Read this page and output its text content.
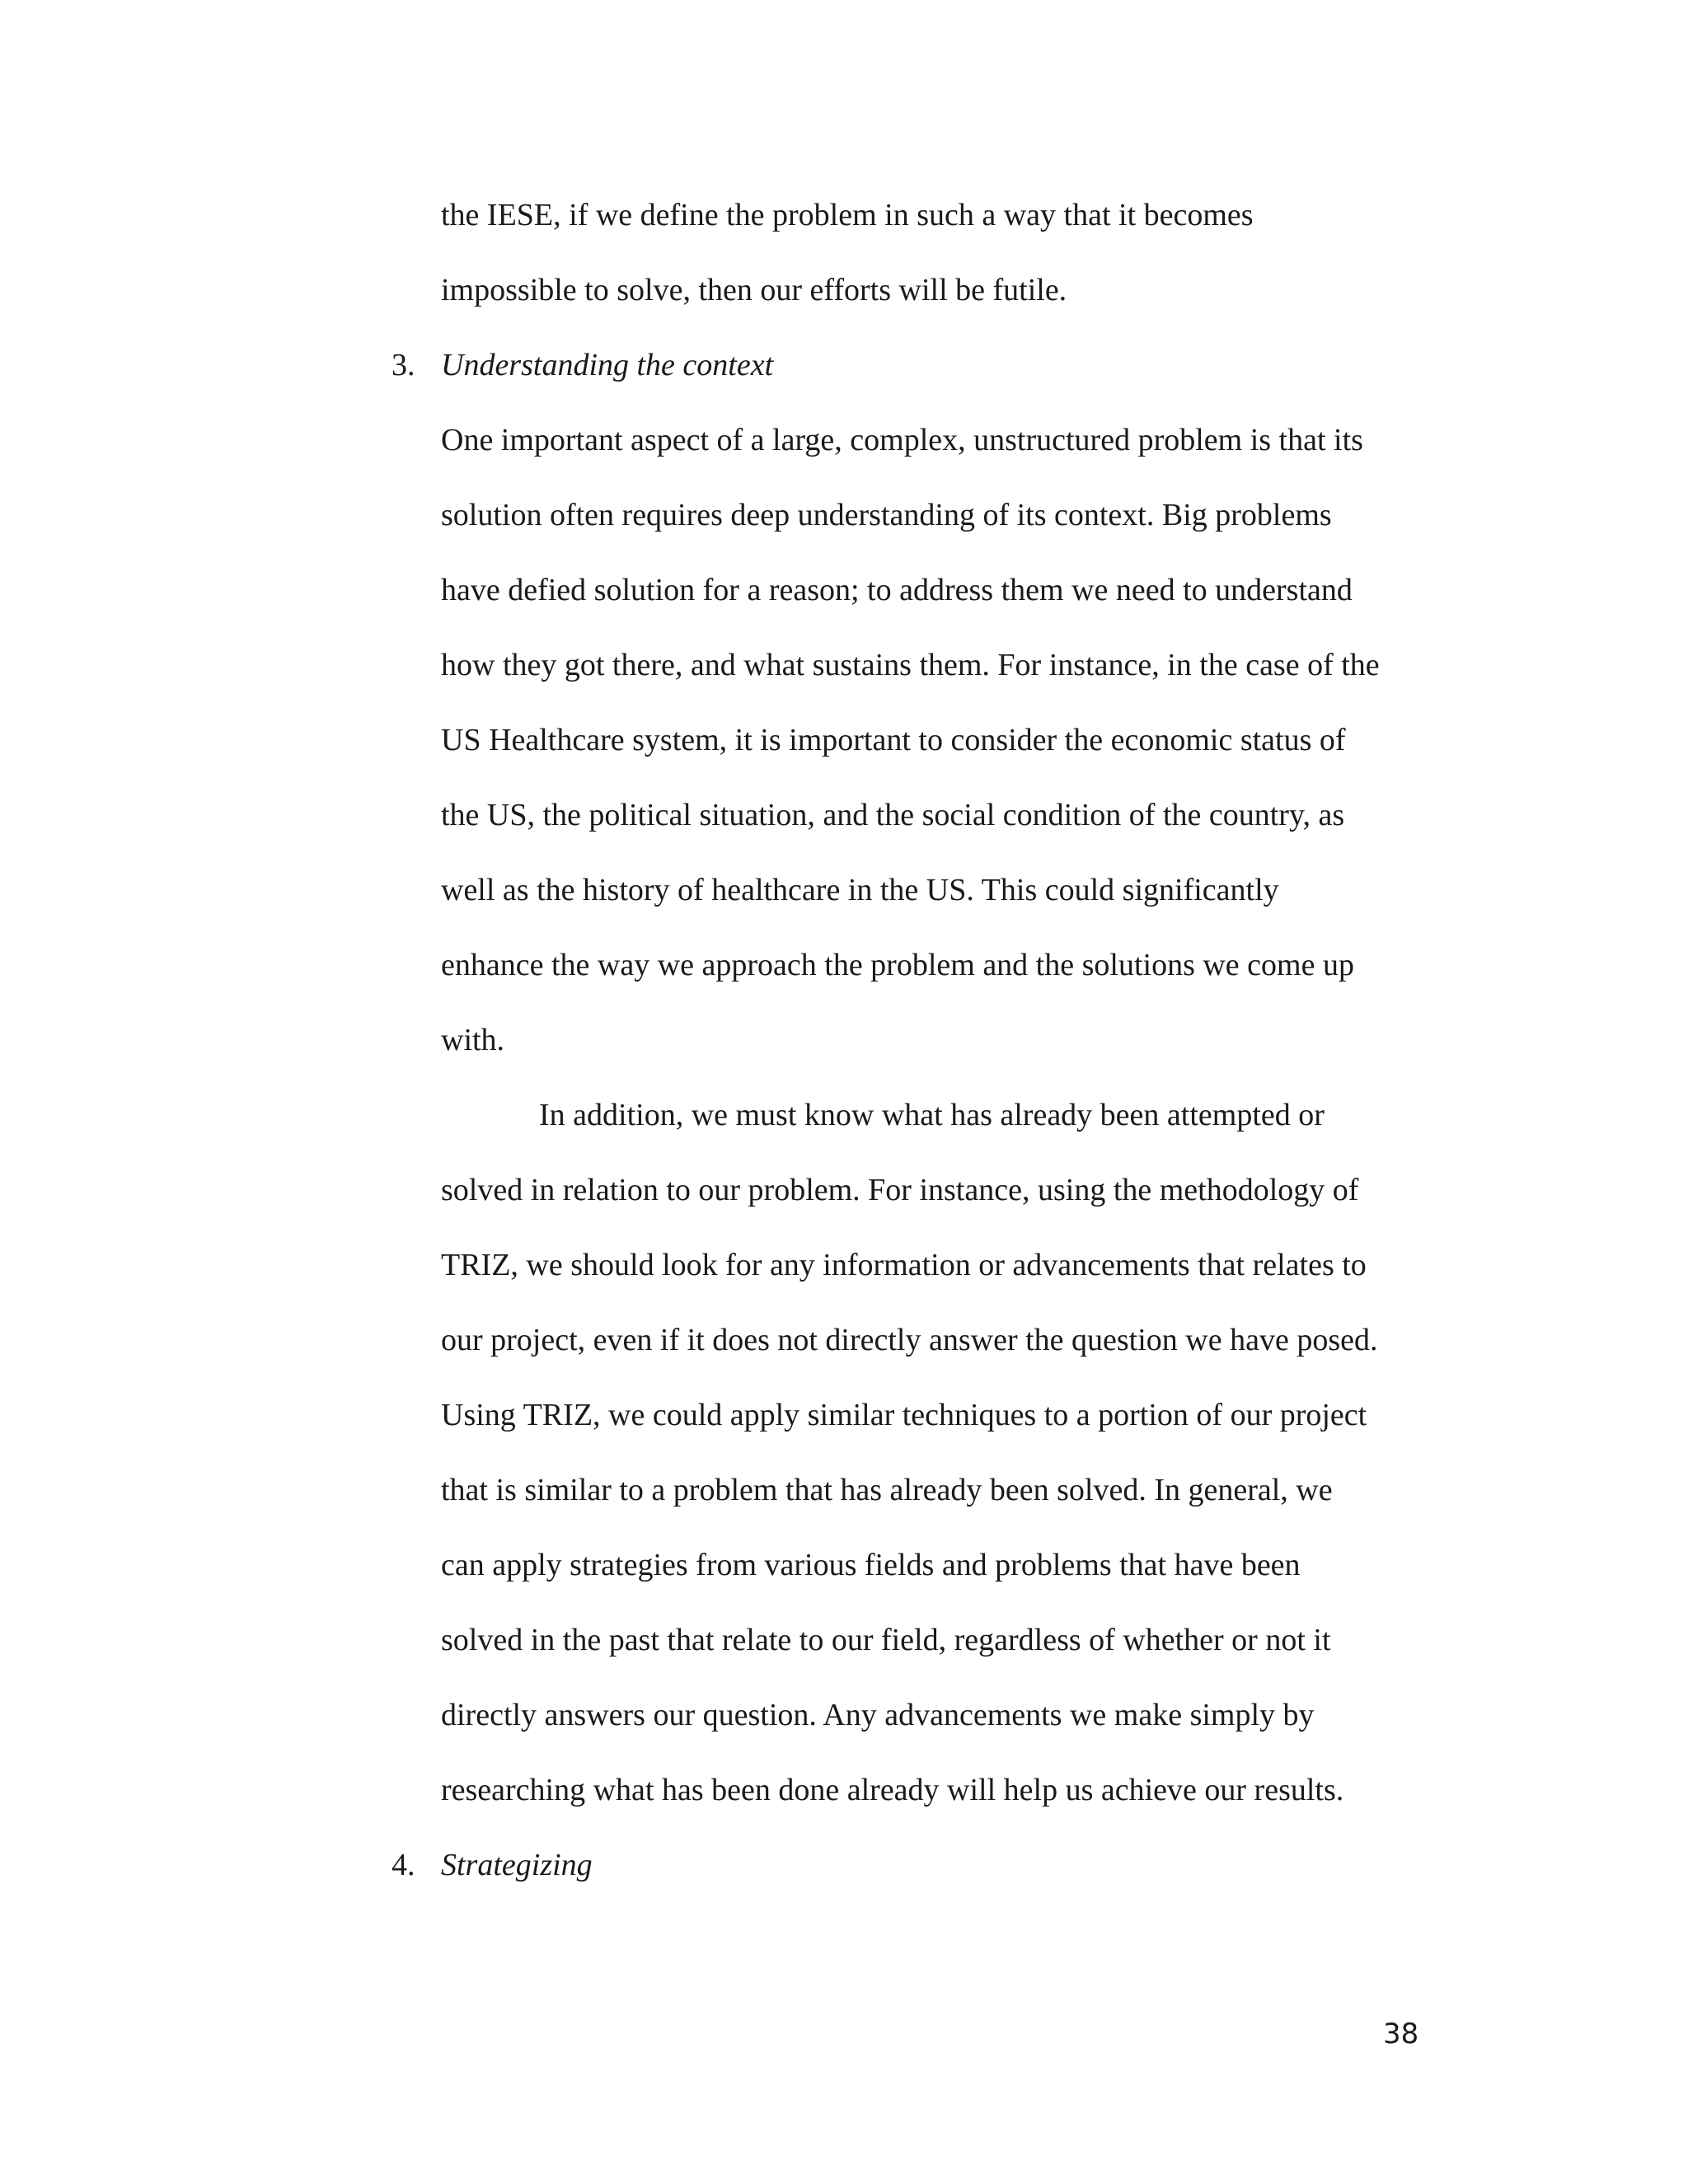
the IESE, if we define the problem in such a way that it becomes
impossible to solve, then our efforts will be futile.
3. Understanding the context
One important aspect of a large, complex, unstructured problem is that its
solution often requires deep understanding of its context. Big problems
have defied solution for a reason; to address them we need to understand
how they got there, and what sustains them. For instance, in the case of the
US Healthcare system, it is important to consider the economic status of
the US, the political situation, and the social condition of the country, as
well as the history of healthcare in the US. This could significantly
enhance the way we approach the problem and the solutions we come up
with.
In addition, we must know what has already been attempted or
solved in relation to our problem. For instance, using the methodology of
TRIZ, we should look for any information or advancements that relates to
our project, even if it does not directly answer the question we have posed.
Using TRIZ, we could apply similar techniques to a portion of our project
that is similar to a problem that has already been solved. In general, we
can apply strategies from various fields and problems that have been
solved in the past that relate to our field, regardless of whether or not it
directly answers our question. Any advancements we make simply by
researching what has been done already will help us achieve our results.
4. Strategizing
38
